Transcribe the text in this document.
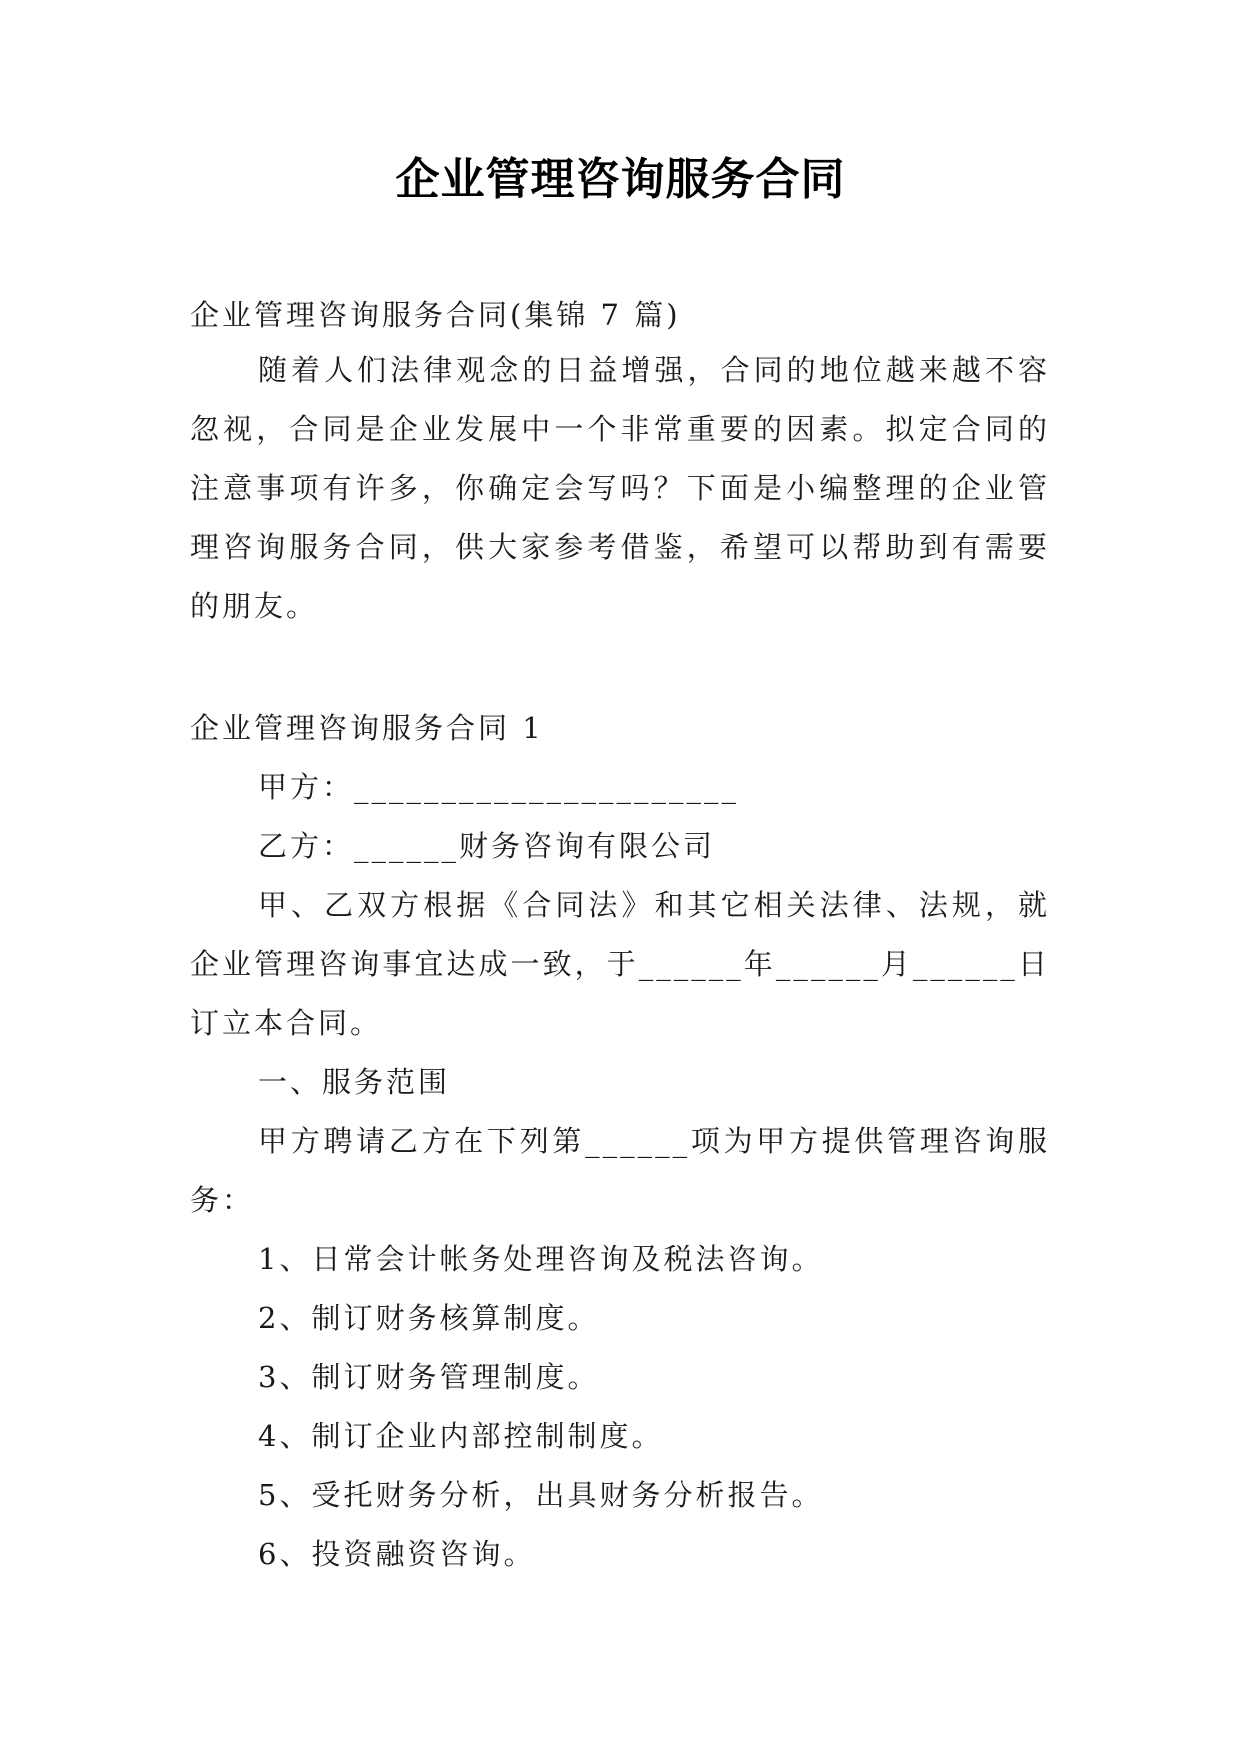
企业管理咨询服务合同

企业管理咨询服务合同(集锦 7 篇)

随着人们法律观念的日益增强，合同的地位越来越不容忽视，合同是企业发展中一个非常重要的因素。拟定合同的注意事项有许多，你确定会写吗？下面是小编整理的企业管理咨询服务合同，供大家参考借鉴，希望可以帮助到有需要的朋友。

企业管理咨询服务合同 1

甲方：______________________

乙方：______财务咨询有限公司

甲、乙双方根据《合同法》和其它相关法律、法规，就企业管理咨询事宜达成一致，于______年______月______日订立本合同。

一、服务范围

甲方聘请乙方在下列第______项为甲方提供管理咨询服务：

1、日常会计帐务处理咨询及税法咨询。

2、制订财务核算制度。

3、制订财务管理制度。

4、制订企业内部控制制度。

5、受托财务分析，出具财务分析报告。

6、投资融资咨询。
